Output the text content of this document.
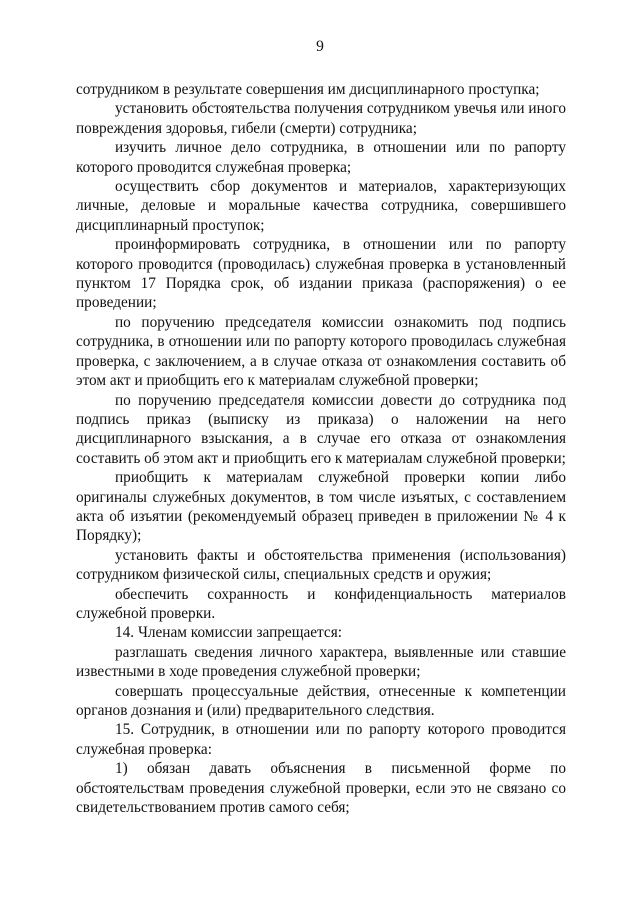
9

сотрудником в результате совершения им дисциплинарного проступка;

установить обстоятельства получения сотрудником увечья или иного повреждения здоровья, гибели (смерти) сотрудника;

изучить личное дело сотрудника, в отношении или по рапорту которого проводится служебная проверка;

осуществить сбор документов и материалов, характеризующих личные, деловые и моральные качества сотрудника, совершившего дисциплинарный проступок;

проинформировать сотрудника, в отношении или по рапорту которого проводится (проводилась) служебная проверка в установленный пунктом 17 Порядка срок, об издании приказа (распоряжения) о ее проведении;

по поручению председателя комиссии ознакомить под подпись сотрудника, в отношении или по рапорту которого проводилась служебная проверка, с заключением, а в случае отказа от ознакомления составить об этом акт и приобщить его к материалам служебной проверки;

по поручению председателя комиссии довести до сотрудника под подпись приказ (выписку из приказа) о наложении на него дисциплинарного взыскания, а в случае его отказа от ознакомления составить об этом акт и приобщить его к материалам служебной проверки;

приобщить к материалам служебной проверки копии либо оригиналы служебных документов, в том числе изъятых, с составлением акта об изъятии (рекомендуемый образец приведен в приложении № 4 к Порядку);

установить факты и обстоятельства применения (использования) сотрудником физической силы, специальных средств и оружия;

обеспечить сохранность и конфиденциальность материалов служебной проверки.

14. Членам комиссии запрещается:

разглашать сведения личного характера, выявленные или ставшие известными в ходе проведения служебной проверки;

совершать процессуальные действия, отнесенные к компетенции органов дознания и (или) предварительного следствия.

15. Сотрудник, в отношении или по рапорту которого проводится служебная проверка:

1) обязан давать объяснения в письменной форме по обстоятельствам проведения служебной проверки, если это не связано со свидетельствованием против самого себя;
